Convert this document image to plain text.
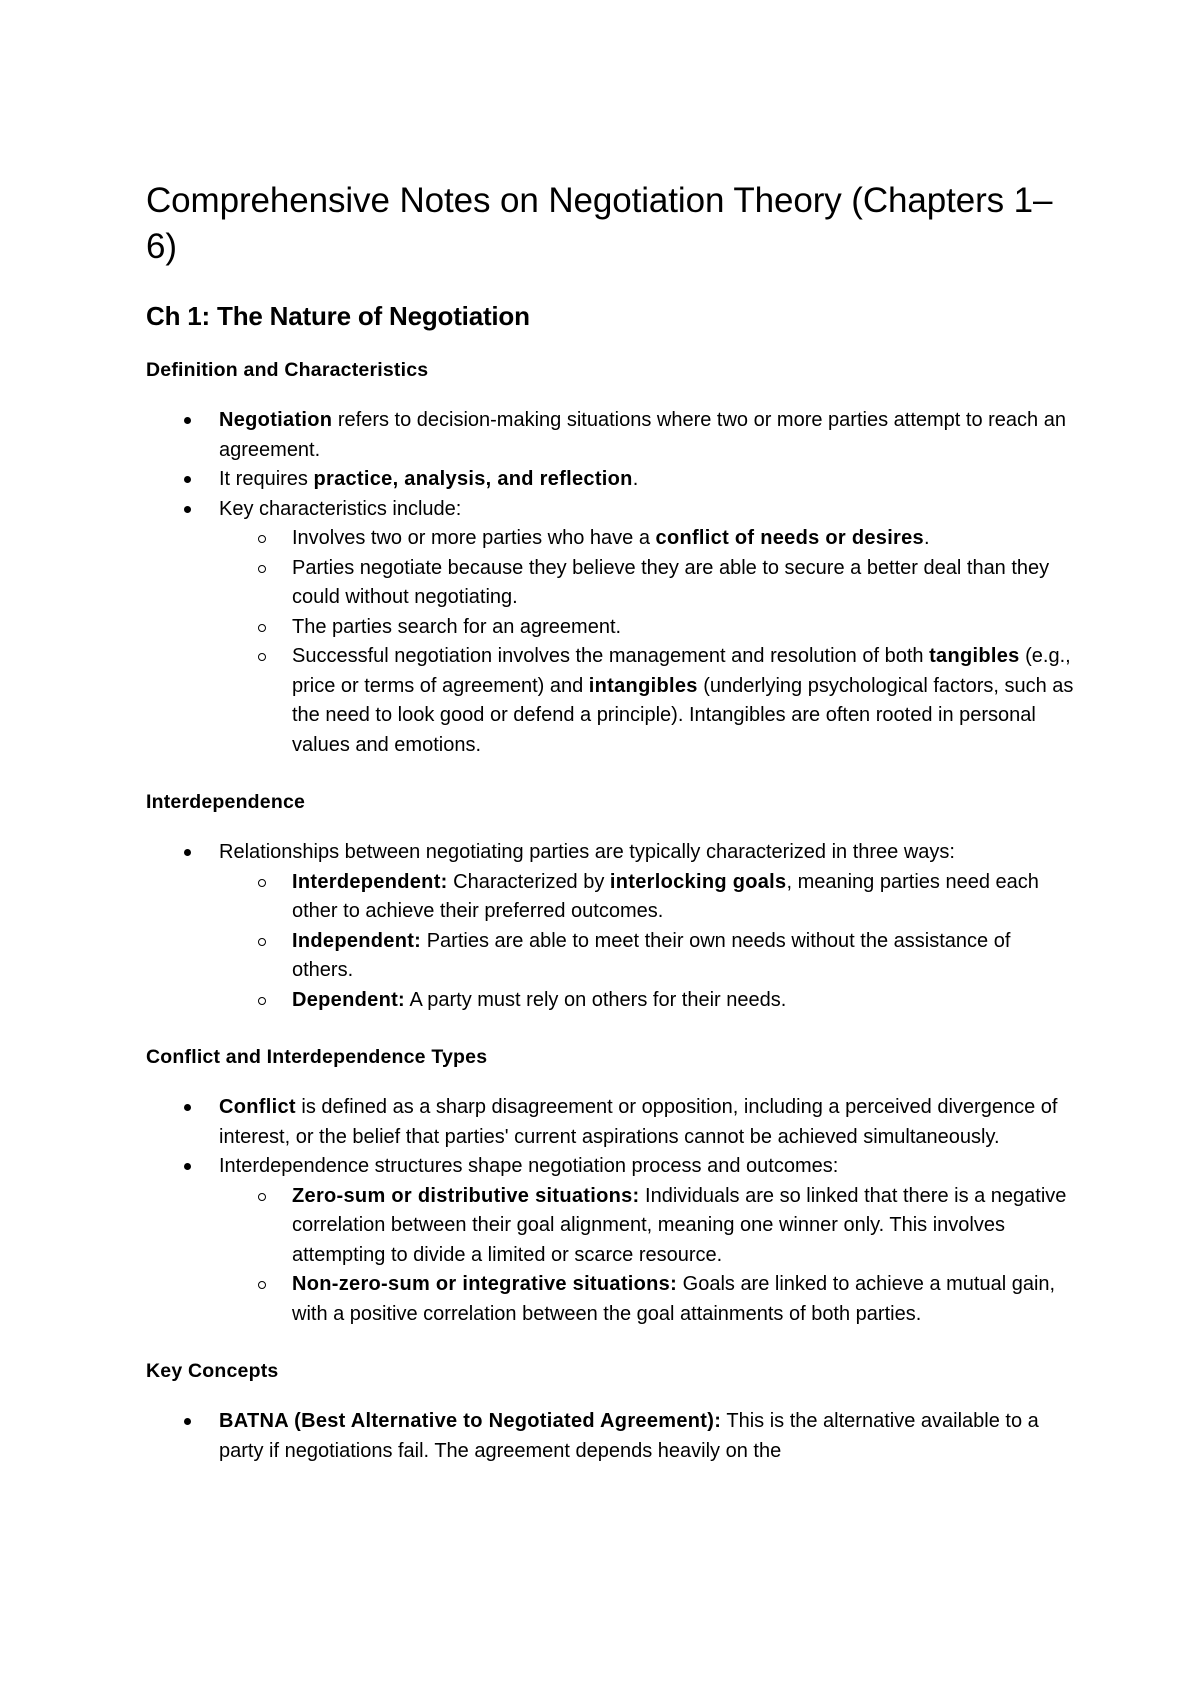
Comprehensive Notes on Negotiation Theory (Chapters 1–6)
Ch 1: The Nature of Negotiation
Definition and Characteristics
Negotiation refers to decision-making situations where two or more parties attempt to reach an agreement.
It requires practice, analysis, and reflection.
Key characteristics include:
Involves two or more parties who have a conflict of needs or desires.
Parties negotiate because they believe they are able to secure a better deal than they could without negotiating.
The parties search for an agreement.
Successful negotiation involves the management and resolution of both tangibles (e.g., price or terms of agreement) and intangibles (underlying psychological factors, such as the need to look good or defend a principle). Intangibles are often rooted in personal values and emotions.
Interdependence
Relationships between negotiating parties are typically characterized in three ways:
Interdependent: Characterized by interlocking goals, meaning parties need each other to achieve their preferred outcomes.
Independent: Parties are able to meet their own needs without the assistance of others.
Dependent: A party must rely on others for their needs.
Conflict and Interdependence Types
Conflict is defined as a sharp disagreement or opposition, including a perceived divergence of interest, or the belief that parties' current aspirations cannot be achieved simultaneously.
Interdependence structures shape negotiation process and outcomes:
Zero-sum or distributive situations: Individuals are so linked that there is a negative correlation between their goal alignment, meaning one winner only. This involves attempting to divide a limited or scarce resource.
Non-zero-sum or integrative situations: Goals are linked to achieve a mutual gain, with a positive correlation between the goal attainments of both parties.
Key Concepts
BATNA (Best Alternative to Negotiated Agreement): This is the alternative available to a party if negotiations fail. The agreement depends heavily on the
